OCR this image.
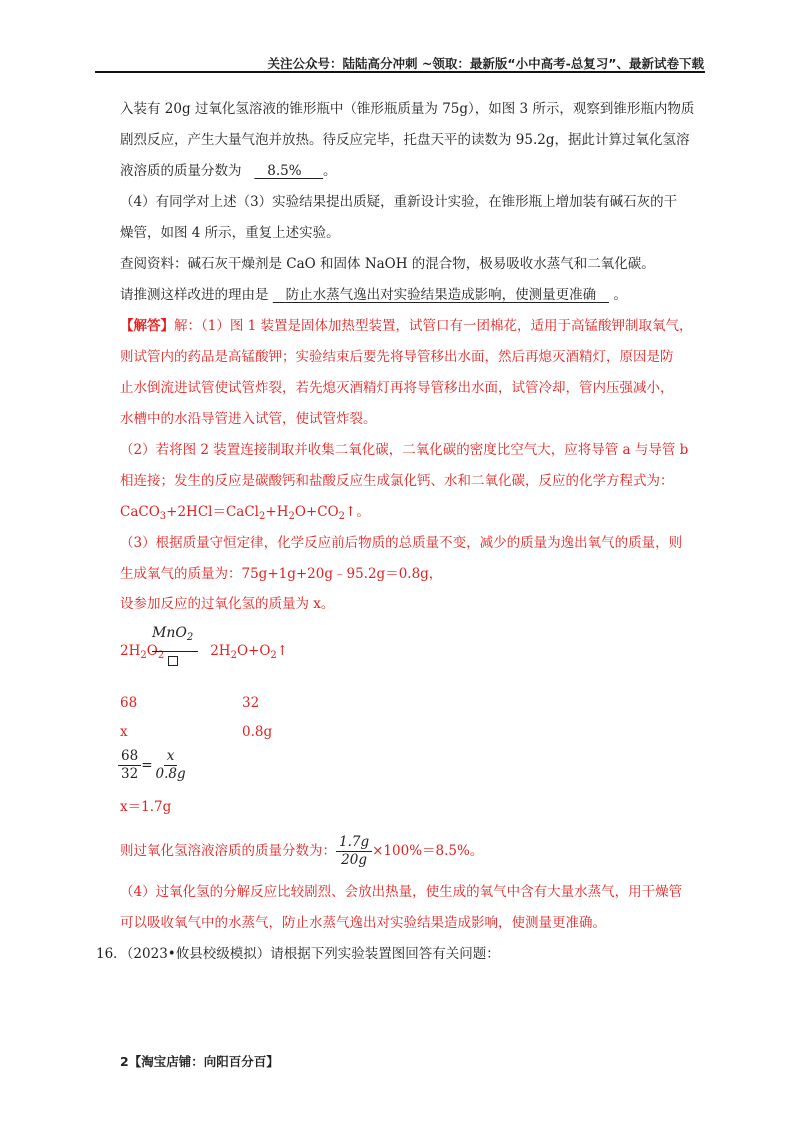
关注公众号：陆陆高分冲刺 ~领取：最新版“小中高考-总复习”、最新试卷下载
入装有 20g 过氧化氢溶液的锥形瓶中（锥形瓶质量为 75g），如图 3 所示，观察到锥形瓶内物质
剧烈反应，产生大量气泡并放热。待反应完毕，托盘天平的读数为 95.2g，据此计算过氧化氢溶
液溶质的质量分数为 8.5% 。
（4）有同学对上述（3）实验结果提出质疑，重新设计实验，在锥形瓶上增加装有碱石灰的干
燥管，如图 4 所示，重复上述实验。
查阅资料：碱石灰干燥剂是 CaO 和固体 NaOH 的混合物，极易吸收水蒸气和二氧化碳。
请推测这样改进的理由是 防止水蒸气逸出对实验结果造成影响，使测量更准确 。
【解答】解：（1）图 1 装置是固体加热型装置，试管口有一团棉花，适用于高锰酸钾制取氧气，
则试管内的药品是高锰酸钾；实验结束后要先将导管移出水面，然后再熄灭酒精灯，原因是防
止水倒流进试管使试管炸裂，若先熄灭酒精灯再将导管移出水面，试管冷却，管内压强减小，
水槽中的水沿导管进入试管，使试管炸裂。
（2）若将图 2 装置连接制取并收集二氧化碳，二氧化碳的密度比空气大，应将导管 a 与导管 b
相连接；发生的反应是碳酸钙和盐酸反应生成氯化钙、水和二氧化碳，反应的化学方程式为：
$CaCO_3+2HCl=CaCl_2+H_2O+CO_2↑$。
（3）根据质量守恒定律，化学反应前后物质的总质量不变，减少的质量为逸出氧气的质量，则
生成氧气的质量为：75g+1g+20g﹣95.2g＝0.8g，
设参加反应的过氧化氢的质量为 x。
MnO$_2$
$2H_2O_2$	$2H_2O+O_2↑$
68	32
x	0.8g
$\frac{68}{32} = \frac{x}{0.8g}$
x＝1.7g
则过氧化氢溶液溶质的质量分数为： $\frac{1.7g}{20g} \times 100\%=8.5\%$。
（4）过氧化氢的分解反应比较剧烈、会放出热量，使生成的氧气中含有大量水蒸气，用干燥管
可以吸收氧气中的水蒸气，防止水蒸气逸出对实验结果造成影响，使测量更准确。
16．（2023•攸县校级模拟）请根据下列实验装置图回答有关问题：
2【淘宝店铺：向阳百分百】
